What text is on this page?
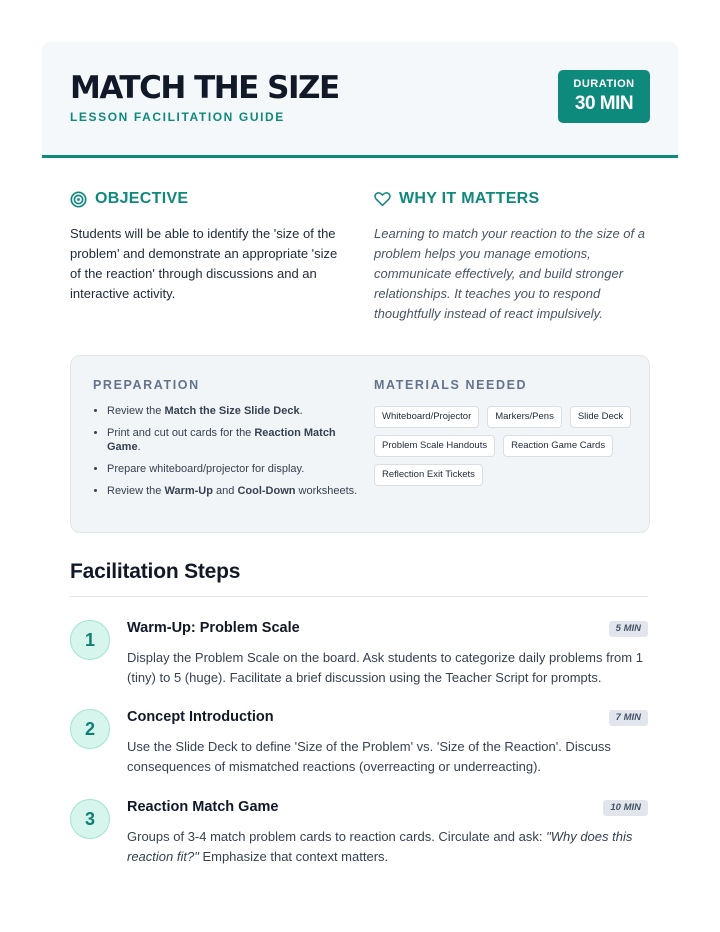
MATCH THE SIZE
LESSON FACILITATION GUIDE
DURATION
30 MIN
OBJECTIVE

Students will be able to identify the 'size of the problem' and demonstrate an appropriate 'size of the reaction' through discussions and an interactive activity.

WHY IT MATTERS

Learning to match your reaction to the size of a problem helps you manage emotions, communicate effectively, and build stronger relationships. It teaches you to respond thoughtfully instead of react impulsively.

PREPARATION
• Review the Match the Size Slide Deck.
• Print and cut out cards for the Reaction Match Game.
• Prepare whiteboard/projector for display.
• Review the Warm-Up and Cool-Down worksheets.
MATERIALS NEEDED
Whiteboard/Projector	Markers/Pens	Slide Deck
Problem Scale Handouts	Reaction Game Cards
Reflection Exit Tickets
Facilitation Steps
1
Warm-Up: Problem Scale	5 MIN
Display the Problem Scale on the board. Ask students to categorize daily problems from 1 (tiny) to 5 (huge). Facilitate a brief discussion using the Teacher Script for prompts.
2
Concept Introduction	7 MIN
Use the Slide Deck to define 'Size of the Problem' vs. 'Size of the Reaction'. Discuss consequences of mismatched reactions (overreacting or underreacting).
3
Reaction Match Game	10 MIN
Groups of 3-4 match problem cards to reaction cards. Circulate and ask: "Why does this reaction fit?" Emphasize that context matters.
